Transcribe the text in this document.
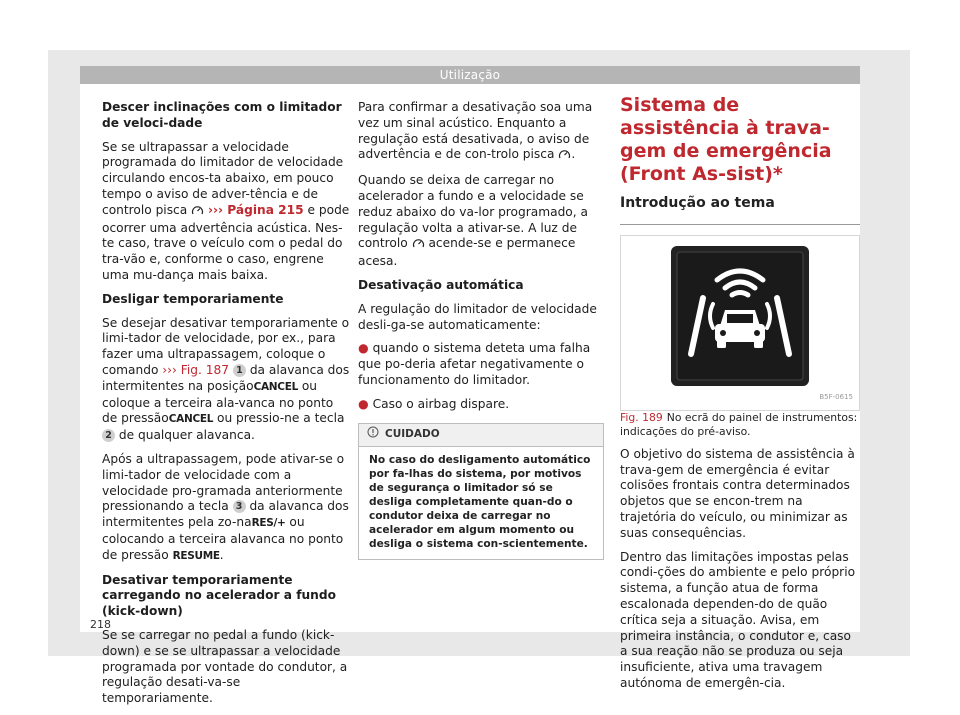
Utilização

Descer inclinações com o limitador de veloci-dade

Se se ultrapassar a velocidade programada do limitador de velocidade circulando encos-ta abaixo, em pouco tempo o aviso de adver-tência e de controlo pisca ››› Página 215 e pode ocorrer uma advertência acústica. Nes-te caso, trave o veículo com o pedal do tra-vão e, conforme o caso, engrene uma mu-dança mais baixa.

Desligar temporariamente

Se desejar desativar temporariamente o limi-tador de velocidade, por ex., para fazer uma ultrapassagem, coloque o comando ››› Fig. 187 1 da alavanca dos intermitentes na posiçãoCANCEL ou coloque a terceira ala-vanca no ponto de pressãoCANCEL ou pressio-ne a tecla 2 de qualquer alavanca.

Após a ultrapassagem, pode ativar-se o limi-tador de velocidade com a velocidade pro-gramada anteriormente pressionando a tecla 3 da alavanca dos intermitentes pela zo-naRES/+ ou colocando a terceira alavanca no ponto de pressão RESUME.

Desativar temporariamente carregando no acelerador a fundo (kick-down)

Se se carregar no pedal a fundo (kick-down) e se se ultrapassar a velocidade programada por vontade do condutor, a regulação desati-va-se temporariamente.

Para confirmar a desativação soa uma vez um sinal acústico. Enquanto a regulação está desativada, o aviso de advertência e de con-trolo pisca .

Quando se deixa de carregar no acelerador a fundo e a velocidade se reduz abaixo do va-lor programado, a regulação volta a ativar-se. A luz de controlo acende-se e permanece acesa.

Desativação automática

A regulação do limitador de velocidade desli-ga-se automaticamente:

● quando o sistema deteta uma falha que po-deria afetar negativamente o funcionamento do limitador.

● Caso o airbag dispare.

CUIDADO
No caso do desligamento automático por fa-lhas do sistema, por motivos de segurança o limitador só se desliga completamente quan-do o condutor deixa de carregar no acelerador em algum momento ou desliga o sistema con-scientemente.
Sistema de assistência à trava-gem de emergência (Front As-sist)*
Introdução ao tema
B5F-0615

Fig. 189 No ecrã do painel de instrumentos: indicações do pré-aviso.

O objetivo do sistema de assistência à trava-gem de emergência é evitar colisões frontais contra determinados objetos que se encon-trem na trajetória do veículo, ou minimizar as suas consequências.

Dentro das limitações impostas pelas condi-ções do ambiente e pelo próprio sistema, a função atua de forma escalonada dependen-do de quão crítica seja a situação. Avisa, em primeira instância, o condutor e, caso a sua reação não se produza ou seja insuficiente, ativa uma travagem autónoma de emergên-cia.

218
